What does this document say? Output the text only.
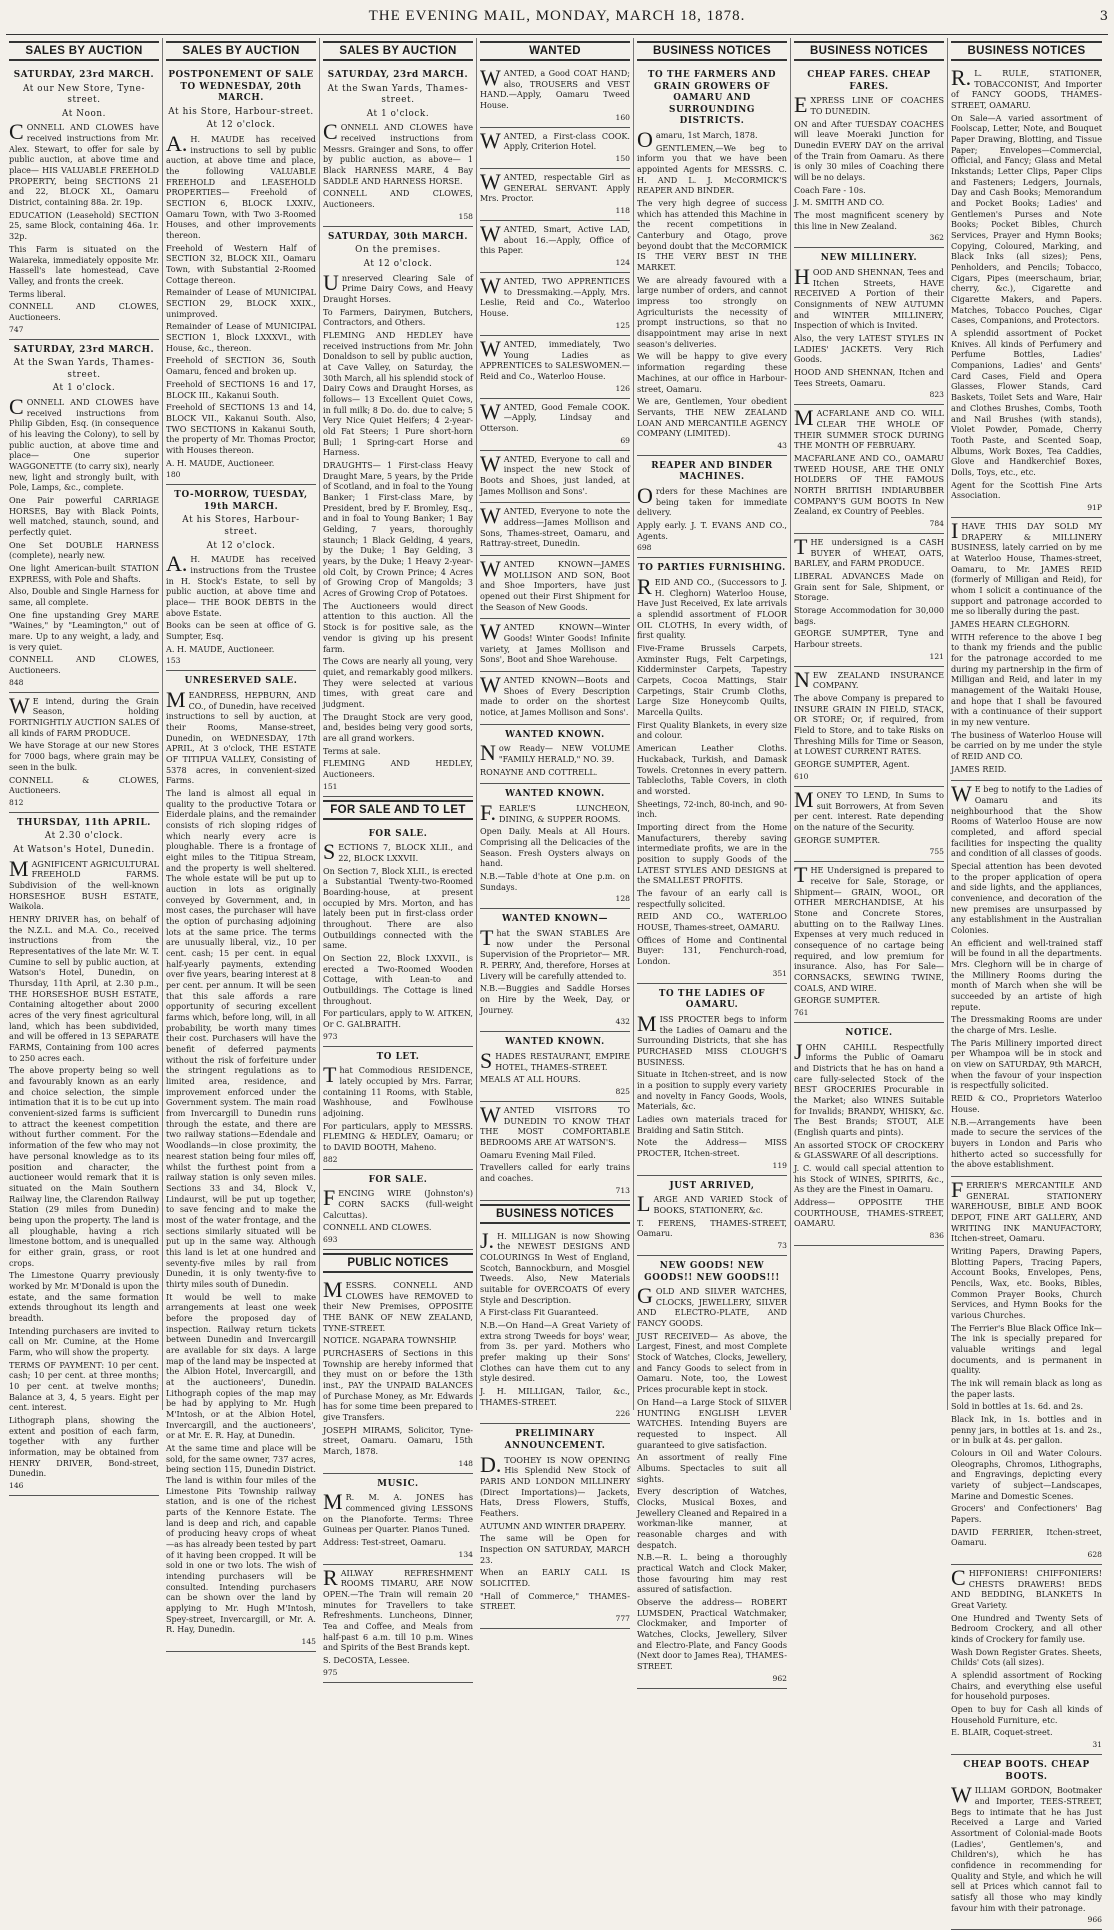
THE EVENING MAIL, MONDAY, MARCH 18, 1878.	3
SALES BY AUCTION
SATURDAY, 23rd MARCH.
At our New Store, Tyne-street.
At Noon.

CONNELL AND CLOWES have received instructions from Mr. Alex. Stewart, to offer for sale by public auction, at above time and place— HIS VALUABLE FREEHOLD PROPERTY, being SECTIONS 21 and 22, BLOCK XL, Oamaru District, containing 88a. 2r. 19p.

EDUCATION (Leasehold) SECTION 25, same Block, containing 46a. 1r. 32p.

This Farm is situated on the Waiareka, immediately opposite Mr. Hassell's late homestead, Cave Valley, and fronts the creek.

Terms liberal.

CONNELL AND CLOWES, Auctioneers.

747
SATURDAY, 23rd MARCH.
At the Swan Yards, Thames-street.
At 1 o'clock.

CONNELL AND CLOWES have received instructions from Philip Gibden, Esq. (in consequence of his leaving the Colony), to sell by public auction, at above time and place— One superior WAGGONETTE (to carry six), nearly new, light and strongly built, with Pole, Lamps, &c., complete.

One Pair powerful CARRIAGE HORSES, Bay with Black Points, well matched, staunch, sound, and perfectly quiet.

One Set DOUBLE HARNESS (complete), nearly new.

One light American-built STATION EXPRESS, with Pole and Shafts.

Also, Double and Single Harness for same, all complete.

One fine upstanding Grey MARE "Waines," by "Leamington," out of mare. Up to any weight, a lady, and is very quiet.

CONNELL AND CLOWES, Auctioneers.

848

WE intend, during the Grain Season, holding FORTNIGHTLY AUCTION SALES Of all kinds of FARM PRODUCE.

We have Storage at our new Stores for 7000 bags, where grain may be seen in the bulk.

CONNELL & CLOWES, Auctioneers.

812
THURSDAY, 11th APRIL.
At 2.30 o'clock.
At Watson's Hotel, Dunedin.

MAGNIFICENT AGRICULTURAL FREEHOLD FARMS. Subdivision of the well-known HORSESHOE BUSH ESTATE, Waikola.

HENRY DRIVER has, on behalf of the N.Z.L. and M.A. Co., received instructions from the Representatives of the late Mr. W. T. Cumine to sell by public auction, at Watson's Hotel, Dunedin, on Thursday, 11th April, at 2.30 p.m., THE HORSESHOE BUSH ESTATE, Containing altogether about 2000 acres of the very finest agricultural land, which has been subdivided, and will be offered in 13 SEPARATE FARMS, Containing from 100 acres to 250 acres each.

The above property being so well and favourably known as an early and choice selection, the simple intimation that it is to be cut up into convenient-sized farms is sufficient to attract the keenest competition without further comment. For the information of the few who may not have personal knowledge as to its position and character, the auctioneer would remark that it is situated on the Main Southern Railway line, the Clarendon Railway Station (29 miles from Dunedin) being upon the property. The land is all ploughable, having a rich limestone bottom, and is unequalled for either grain, grass, or root crops.

The Limestone Quarry previously worked by Mr. M'Donald is upon the estate, and the same formation extends throughout its length and breadth.

Intending purchasers are invited to call on Mr. Cumine, at the Home Farm, who will show the property.

TERMS OF PAYMENT: 10 per cent. cash; 10 per cent. at three months; 10 per cent. at twelve months; Balance at 3, 4, 5 years. Eight per cent. interest.

Lithograph plans, showing the extent and position of each farm, together with any further information, may be obtained from HENRY DRIVER, Bond-street, Dunedin.

146
SALES BY AUCTION
POSTPONEMENT OF SALE TO WEDNESDAY, 20th MARCH.
At his Store, Harbour-street.
At 12 o'clock.

A.H. MAUDE has received instructions to sell by public auction, at above time and place, the following VALUABLE FREEHOLD and LEASEHOLD PROPERTIES— Freehold of SECTION 6, BLOCK LXXIV., Oamaru Town, with Two 3-Roomed Houses, and other improvements thereon.

Freehold of Western Half of SECTION 32, BLOCK XII., Oamaru Town, with Substantial 2-Roomed Cottage thereon.

Remainder of Lease of MUNICIPAL SECTION 29, BLOCK XXIX., unimproved.

Remainder of Lease of MUNICIPAL SECTION 1, Block LXXXVI., with House, &c., thereon.

Freehold of SECTION 36, South Oamaru, fenced and broken up.

Freehold of SECTIONS 16 and 17, BLOCK III., Kakanui South.

Freehold of SECTIONS 13 and 14, BLOCK VII., Kakanui South. Also, TWO SECTIONS in Kakanui South, the property of Mr. Thomas Proctor, with Houses thereon.

A. H. MAUDE, Auctioneer.

180
TO-MORROW, TUESDAY, 19th MARCH.
At his Stores, Harbour-street.
At 12 o'clock.

A.H. MAUDE has received instructions from the Trustee in H. Stock's Estate, to sell by public auction, at above time and place— THE BOOK DEBTS in the above Estate.

Books can be seen at office of G. Sumpter, Esq.

A. H. MAUDE, Auctioneer.

153
UNRESERVED SALE.

MEANDRESS, HEPBURN, AND CO., of Dunedin, have received instructions to sell by auction, at their Rooms, Manse-street, Dunedin, on WEDNESDAY, 17th APRIL, At 3 o'clock, THE ESTATE OF TITIPUA VALLEY, Consisting of 5378 acres, in convenient-sized Farms.

The land is almost all equal in quality to the productive Totara or Eiderdale plains, and the remainder consists of rich sloping ridges of which nearly every acre is ploughable. There is a frontage of eight miles to the Titipua Stream, and the property is well sheltered. The whole estate will be put up to auction in lots as originally conveyed by Government, and, in most cases, the purchaser will have the option of purchasing adjoining lots at the same price. The terms are unusually liberal, viz., 10 per cent. cash; 15 per cent. in equal half-yearly payments, extending over five years, bearing interest at 8 per cent. per annum. It will be seen that this sale affords a rare opportunity of securing excellent farms which, before long, will, in all probability, be worth many times their cost. Purchasers will have the benefit of deferred payments without the risk of forfeiture under the stringent regulations as to limited area, residence, and improvement enforced under the Government system. The main road from Invercargill to Dunedin runs through the estate, and there are two railway stations—Edendale and Woodlands—in close proximity, the nearest station being four miles off, whilst the furthest point from a railway station is only seven miles. Sections 33 and 34, Block V., Lindaurst, will be put up together, to save fencing and to make the most of the water frontage, and the sections similarly situated will be put up in the same way. Although this land is let at one hundred and seventy-five miles by rail from Dunedin, it is only twenty-five to thirty miles south of Dunedin.

It would be well to make arrangements at least one week before the proposed day of inspection. Railway return tickets between Dunedin and Invercargill are available for six days. A large map of the land may be inspected at the Albion Hotel, Invercargill, and at the auctioneers', Dunedin. Lithograph copies of the map may be had by applying to Mr. Hugh M'Intosh, or at the Albion Hotel, Invercargill, and the auctioneers', or at Mr. E. R. Hay, at Dunedin.

At the same time and place will be sold, for the same owner, 737 acres, being section 115, Dunedin District. The land is within four miles of the Limestone Pits Township railway station, and is one of the richest parts of the Kennore Estate. The land is deep and rich, and capable of producing heavy crops of wheat—as has already been tested by part of it having been cropped. It will be sold in one or two lots. The wish of intending purchasers will be consulted. Intending purchasers can be shown over the land by applying to Mr. Hugh M'Intosh, Spey-street, Invercargill, or Mr. A. R. Hay, Dunedin.

145
SALES BY AUCTION
SATURDAY, 23rd MARCH.
At the Swan Yards, Thames-street.
At 1 o'clock.

CONNELL AND CLOWES have received instructions from Messrs. Grainger and Sons, to offer by public auction, as above— 1 Black HARNESS MARE, 4 Bay SADDLE AND HARNESS HORSE.

CONNELL AND CLOWES, Auctioneers.

158
SATURDAY, 30th MARCH.
On the premises.
At 12 o'clock.

Unreserved Clearing Sale of Prime Dairy Cows, and Heavy Draught Horses.

To Farmers, Dairymen, Butchers, Contractors, and Others.

FLEMING AND HEDLEY have received instructions from Mr. John Donaldson to sell by public auction, at Cave Valley, on Saturday, the 30th March, all his splendid stock of Dairy Cows and Draught Horses, as follows— 13 Excellent Quiet Cows, in full milk; 8 Do. do. due to calve; 5 Very Nice Quiet Heifers; 4 2-year-old Fat Steers; 1 Pure short-horn Bull; 1 Spring-cart Horse and Harness.

DRAUGHTS— 1 First-class Heavy Draught Mare, 5 years, by the Pride of Scotland, and in foal to the Young Banker; 1 First-class Mare, by President, bred by F. Bromley, Esq., and in foal to Young Banker; 1 Bay Gelding, 7 years, thoroughly staunch; 1 Black Gelding, 4 years, by the Duke; 1 Bay Gelding, 3 years, by the Duke; 1 Heavy 2-year-old Colt, by Crown Prince; 4 Acres of Growing Crop of Mangolds; 3 Acres of Growing Crop of Potatoes.

The Auctioneers would direct attention to this auction. All the Stock is for positive sale, as the vendor is giving up his present farm.

The Cows are nearly all young, very quiet, and remarkably good milkers. They were selected at various times, with great care and judgment.

The Draught Stock are very good, and, besides being very good sorts, are all grand workers.

Terms at sale.

FLEMING AND HEDLEY, Auctioneers.

151
FOR SALE AND TO LET
FOR SALE.

SECTIONS 7, BLOCK XLII., and 22, BLOCK LXXVII.

On Section 7, Block XLII., is erected a Substantial Twenty-two-Roomed Boarding-house, at present occupied by Mrs. Morton, and has lately been put in first-class order throughout. There are also Outbuildings connected with the same.

On Section 22, Block LXXVII., is erected a Two-Roomed Wooden Cottage, with Lean-to and Outbuildings. The Cottage is lined throughout.

For particulars, apply to W. AITKEN, Or C. GALBRAITH.

973
TO LET.

That Commodious RESIDENCE, lately occupied by Mrs. Farrar, containing 11 Rooms, with Stable, Washhouse, and Fowlhouse adjoining.

For particulars, apply to MESSRS. FLEMING & HEDLEY, Oamaru; or to DAVID BOOTH, Maheno.

882
FOR SALE.

FENCING WIRE (Johnston's) CORN SACKS (full-weight Calcuttas).

CONNELL AND CLOWES.

693
PUBLIC NOTICES

MESSRS. CONNELL AND CLOWES have REMOVED to their New Premises, OPPOSITE THE BANK OF NEW ZEALAND, TYNE-STREET.

NOTICE. NGAPARA TOWNSHIP.

PURCHASERS of Sections in this Township are hereby informed that they must on or before the 13th inst., PAY the UNPAID BALANCES of Purchase Money, as Mr. Edwards has for some time been prepared to give Transfers.

JOSEPH MIRAMS, Solicitor, Tyne-street, Oamaru. Oamaru, 15th March, 1878.

148
MUSIC.

MR. M. A. JONES has commenced giving LESSONS on the Pianoforte. Terms: Three Guineas per Quarter. Pianos Tuned.

Address: Test-street, Oamaru.

134

RAILWAY REFRESHMENT ROOMS TIMARU, ARE NOW OPEN.—The Train will remain 20 minutes for Travellers to take Refreshments. Luncheons, Dinner, Tea and Coffee, and Meals from half-past 6 a.m. till 10 p.m. Wines and Spirits of the Best Brands kept.

S. DeCOSTA, Lessee.

975
WANTED

WANTED, a Good COAT HAND; also, TROUSERS and VEST HAND.—Apply, Oamaru Tweed House.

160

WANTED, a First-class COOK. Apply, Criterion Hotel.

150

WANTED, respectable Girl as GENERAL SERVANT. Apply Mrs. Proctor.

118

WANTED, Smart, Active LAD, about 16.—Apply, Office of this Paper.

124

WANTED, TWO APPRENTICES to Dressmaking.—Apply, Mrs. Leslie, Reid and Co., Waterloo House.

125

WANTED, immediately, Two Young Ladies as APPRENTICES to SALESWOMEN.—Reid and Co., Waterloo House.

126

WANTED, Good Female COOK.—Apply, Lindsay and Otterson.

69

WANTED, Everyone to call and inspect the new Stock of Boots and Shoes, just landed, at James Mollison and Sons'.

WANTED, Everyone to note the address—James Mollison and Sons, Thames-street, Oamaru, and Rattray-street, Dunedin.

WANTED KNOWN—JAMES MOLLISON AND SON, Boot and Shoe Importers, have just opened out their First Shipment for the Season of New Goods.

WANTED KNOWN—Winter Goods! Winter Goods! Infinite variety, at James Mollison and Sons', Boot and Shoe Warehouse.

WANTED KNOWN—Boots and Shoes of Every Description made to order on the shortest notice, at James Mollison and Sons'.

WANTED KNOWN.

Now Ready— NEW VOLUME "FAMILY HERALD," NO. 39.

RONAYNE AND COTTRELL.

WANTED KNOWN.

F.EARLE'S LUNCHEON, DINING, & SUPPER ROOMS.

Open Daily. Meals at All Hours. Comprising all the Delicacies of the Season. Fresh Oysters always on hand.

N.B.—Table d'hote at One p.m. on Sundays.

128
WANTED KNOWN—

That the SWAN STABLES Are now under the Personal Supervision of the Proprietor— MR. R. PERRY, And, therefore, Horses at Livery will be carefully attended to.

N.B.—Buggies and Saddle Horses on Hire by the Week, Day, or Journey.

432
WANTED KNOWN.

SHADES RESTAURANT, EMPIRE HOTEL, THAMES-STREET.

MEALS AT ALL HOURS.

825

WANTED VISITORS TO DUNEDIN TO KNOW THAT THE MOST COMFORTABLE BEDROOMS ARE AT WATSON'S.

Oamaru Evening Mail Filed.

Travellers called for early trains and coaches.

713
BUSINESS NOTICES

J.H. MILLIGAN is now Showing the NEWEST DESIGNS AND COLOURINGS In West of England, Scotch, Bannockburn, and Mosgiel Tweeds. Also, New Materials suitable for OVERCOATS Of every Style and Description.

A First-class Fit Guaranteed.

N.B.—On Hand—A Great Variety of extra strong Tweeds for boys' wear, from 3s. per yard. Mothers who prefer making up their Sons' Clothes can have them cut to any style desired.

J. H. MILLIGAN, Tailor, &c., THAMES-STREET.

226
PRELIMINARY ANNOUNCEMENT.

D.TOOHEY IS NOW OPENING His Splendid New Stock of PARIS AND LONDON MILLINERY (Direct Importations)— Jackets, Hats, Dress Flowers, Stuffs, Feathers.

AUTUMN AND WINTER DRAPERY.

The same will be Open for Inspection ON SATURDAY, MARCH 23.

When an EARLY CALL IS SOLICITED.

"Hall of Commerce," THAMES-STREET.

777
BUSINESS NOTICES
TO THE FARMERS AND GRAIN GROWERS OF OAMARU AND SURROUNDING DISTRICTS.

Oamaru, 1st March, 1878.

GENTLEMEN,—We beg to inform you that we have been appointed Agents for MESSRS. C. H. AND L. J. McCORMICK'S REAPER AND BINDER.

The very high degree of success which has attended this Machine in the recent competitions in Canterbury and Otago, prove beyond doubt that the McCORMICK IS THE VERY BEST IN THE MARKET.

We are already favoured with a large number of orders, and cannot impress too strongly on Agriculturists the necessity of prompt instructions, so that no disappointment may arise in next season's deliveries.

We will be happy to give every information regarding these Machines, at our office in Harbour-street, Oamaru.

We are, Gentlemen, Your obedient Servants, THE NEW ZEALAND LOAN AND MERCANTILE AGENCY COMPANY (LIMITED).

43
REAPER AND BINDER MACHINES.

Orders for these Machines are being taken for immediate delivery.

Apply early. J. T. EVANS AND CO., Agents.

698
TO PARTIES FURNISHING.

REID AND CO., (Successors to J. H. Cleghorn) Waterloo House, Have Just Received, Ex late arrivals a splendid assortment of FLOOR OIL CLOTHS, In every width, of first quality.

Five-Frame Brussels Carpets, Axminster Rugs, Felt Carpetings, Kidderminster Carpets, Tapestry Carpets, Cocoa Mattings, Stair Carpetings, Stair Crumb Cloths, Large Size Honeycomb Quilts, Marcella Quilts.

First Quality Blankets, in every size and colour.

American Leather Cloths. Huckaback, Turkish, and Damask Towels. Cretonnes in every pattern. Tablecloths, Table Covers, in cloth and worsted.

Sheetings, 72-inch, 80-inch, and 90-inch.

Importing direct from the Home Manufacturers, thereby saving intermediate profits, we are in the position to supply Goods of the LATEST STYLES AND DESIGNS at the SMALLEST PROFITS.

The favour of an early call is respectfully solicited.

REID AND CO., WATERLOO HOUSE, Thames-street, OAMARU.

Offices of Home and Continental Buyer: 131, Fenchurch-road, London.

351
TO THE LADIES OF OAMARU.

MISS PROCTER begs to inform the Ladies of Oamaru and the Surrounding Districts, that she has PURCHASED MISS CLOUGH'S BUSINESS.

Situate in Itchen-street, and is now in a position to supply every variety and novelty in Fancy Goods, Wools, Materials, &c.

Ladies own materials traced for Braiding and Satin Stitch.

Note the Address— MISS PROCTER, Itchen-street.

119
JUST ARRIVED,

LARGE AND VARIED Stock of BOOKS, STATIONERY, &c.

T. FERENS, THAMES-STREET, Oamaru.

73
NEW GOODS! NEW GOODS!! NEW GOODS!!!

GOLD AND SILVER WATCHES, CLOCKS, JEWELLERY, SILVER AND ELECTRO-PLATE, AND FANCY GOODS.

JUST RECEIVED— As above, the Largest, Finest, and most Complete Stock of Watches, Clocks, Jewellery, and Fancy Goods to select from in Oamaru. Note, too, the Lowest Prices procurable kept in stock.

On Hand—a Large Stock of SILVER HUNTING ENGLISH LEVER WATCHES. Intending Buyers are requested to inspect. All guaranteed to give satisfaction.

An assortment of really Fine Albums. Spectacles to suit all sights.

Every description of Watches, Clocks, Musical Boxes, and Jewellery Cleaned and Repaired in a workman-like manner, at reasonable charges and with despatch.

N.B.—R. L. being a thoroughly practical Watch and Clock Maker, those favouring him may rest assured of satisfaction.

Observe the address— ROBERT LUMSDEN, Practical Watchmaker, Clockmaker, and Importer of Watches, Clocks, Jewellery, Silver and Electro-Plate, and Fancy Goods (Next door to James Rea), THAMES-STREET.

962
BUSINESS NOTICES
CHEAP FARES. CHEAP FARES.

EXPRESS LINE OF COACHES TO DUNEDIN.

ON and After TUESDAY COACHES will leave Moeraki Junction for Dunedin EVERY DAY on the arrival of the Train from Oamaru. As there is only 30 miles of Coaching there will be no delays.

Coach Fare - 10s.

J. M. SMITH AND CO.

The most magnificent scenery by this line in New Zealand.

362
NEW MILLINERY.

HOOD AND SHENNAN, Tees and Itchen Streets, HAVE RECEIVED A Portion of their Consignments of NEW AUTUMN and WINTER MILLINERY, Inspection of which is Invited.

Also, the very LATEST STYLES IN LADIES' JACKETS. Very Rich Goods.

HOOD AND SHENNAN, Itchen and Tees Streets, Oamaru.

823

MACFARLANE AND CO. WILL CLEAR THE WHOLE OF THEIR SUMMER STOCK DURING THE MONTH OF FEBRUARY.

MACFARLANE AND CO., OAMARU TWEED HOUSE, ARE THE ONLY HOLDERS OF THE FAMOUS NORTH BRITISH INDIARUBBER COMPANY'S GUM BOOTS In New Zealand, ex Country of Peebles.

784

THE undersigned is a CASH BUYER of WHEAT, OATS, BARLEY, and FARM PRODUCE.

LIBERAL ADVANCES Made on Grain sent for Sale, Shipment, or Storage.

Storage Accommodation for 30,000 bags.

GEORGE SUMPTER, Tyne and Harbour streets.

121

NEW ZEALAND INSURANCE COMPANY.

The above Company is prepared to INSURE GRAIN IN FIELD, STACK, OR STORE; Or, if required, from Field to Store, and to take Risks on Threshing Mills for Time or Season, at LOWEST CURRENT RATES.

GEORGE SUMPTER, Agent.

610

MONEY TO LEND, In Sums to suit Borrowers, At from Seven per cent. interest. Rate depending on the nature of the Security.

GEORGE SUMPTER.

755

THE Undersigned is prepared to receive for Sale, Storage, or Shipment— GRAIN, WOOL, OR OTHER MERCHANDISE, At his Stone and Concrete Stores, abutting on to the Railway Lines. Expenses at very much reduced in consequence of no cartage being required, and low premium for insurance. Also, has For Sale— CORNSACKS, SEWING TWINE, COALS, AND WIRE.

GEORGE SUMPTER.

761
NOTICE.

JOHN CAHILL Respectfully informs the Public of Oamaru and Districts that he has on hand a care fully-selected Stock of the BEST GROCERIES Procurable in the Market; also WINES Suitable for Invalids; BRANDY, WHISKY, &c. The Best Brands; STOUT, ALE (English quarts and pints).

An assorted STOCK OF CROCKERY & GLASSWARE Of all descriptions.

J. C. would call special attention to his Stock of WINES, SPIRITS, &c., As they are the Finest in Oamaru.

Address— OPPOSITE THE COURTHOUSE, THAMES-STREET, OAMARU.

836
BUSINESS NOTICES

R.L. RULE, STATIONER, TOBACCONIST, And Importer of FANCY GOODS, THAMES-STREET, OAMARU.

On Sale—A varied assortment of Foolscap, Letter, Note, and Bouquet Paper Drawing, Blotting, and Tissue Paper; Envelopes—Commercial, Official, and Fancy; Glass and Metal Inkstands; Letter Clips, Paper Clips and Fasteners; Ledgers, Journals, Day and Cash Books; Memorandum and Pocket Books; Ladies' and Gentlemen's Purses and Note Books; Pocket Bibles, Church Services, Prayer and Hymn Books; Copying, Coloured, Marking, and Black Inks (all sizes); Pens, Penholders, and Pencils; Tobacco, Cigars, Pipes (meerschaum, briar, cherry, &c.), Cigarette and Cigarette Makers, and Papers. Matches, Tobacco Pouches, Cigar Cases, Companions, and Protectors.

A splendid assortment of Pocket Knives. All kinds of Perfumery and Perfume Bottles, Ladies' Companions, Ladies' and Gents' Card Cases, Field and Opera Glasses, Flower Stands, Card Baskets, Toilet Sets and Ware, Hair and Clothes Brushes, Combs, Tooth and Nail Brushes (with stands), Violet Powder, Pomade, Cherry Tooth Paste, and Scented Soap, Albums, Work Boxes, Tea Caddies, Glove and Handkerchief Boxes, Dolls, Toys, etc., etc.

Agent for the Scottish Fine Arts Association.

91P

IHAVE THIS DAY SOLD MY DRAPERY & MILLINERY BUSINESS, lately carried on by me at Waterloo House, Thames-street, Oamaru, to Mr. JAMES REID (formerly of Milligan and Reid), for whom I solicit a continuance of the support and patronage accorded to me so liberally during the past.

JAMES HEARN CLEGHORN.

WITH reference to the above I beg to thank my friends and the public for the patronage accorded to me during my partnership in the firm of Milligan and Reid, and later in my management of the Waitaki House, and hope that I shall be favoured with a continuance of their support in my new venture.

The business of Waterloo House will be carried on by me under the style of REID AND CO.

JAMES REID.

WE beg to notify to the Ladies of Oamaru and its neighbourhood that the Show Rooms of Waterloo House are now completed, and afford special facilities for inspecting the quality and condition of all classes of goods.

Special attention has been devoted to the proper application of opera and side lights, and the appliances, convenience, and decoration of the new premises are unsurpassed by any establishment in the Australian Colonies.

An efficient and well-trained staff will be found in all the departments. Mrs. Cleghorn will be in charge of the Millinery Rooms during the month of March when she will be succeeded by an artiste of high repute.

The Dressmaking Rooms are under the charge of Mrs. Leslie.

The Paris Millinery imported direct per Whampoa will be in stock and on view on SATURDAY, 9th MARCH, when the favour of your inspection is respectfully solicited.

REID & CO., Proprietors Waterloo House.

N.B.—Arrangements have been made to secure the services of the buyers in London and Paris who hitherto acted so successfully for the above establishment.

FERRIER'S MERCANTILE AND GENERAL STATIONERY WAREHOUSE, BIBLE AND BOOK DEPOT, FINE ART GALLERY, AND WRITING INK MANUFACTORY, Itchen-street, Oamaru.

Writing Papers, Drawing Papers, Blotting Papers, Tracing Papers, Account Books, Envelopes, Pens, Pencils, Wax, etc. Books, Bibles, Common Prayer Books, Church Services, and Hymn Books for the various Churches.

The Ferrier's Blue Black Office Ink—The ink is specially prepared for valuable writings and legal documents, and is permanent in quality.

The ink will remain black as long as the paper lasts.

Sold in bottles at 1s. 6d. and 2s.

Black Ink, in 1s. bottles and in penny jars, in bottles at 1s. and 2s., or in bulk at 4s. per gallon.

Colours in Oil and Water Colours. Oleographs, Chromos, Lithographs, and Engravings, depicting every variety of subject—Landscapes, Marine and Domestic Scenes.

Grocers' and Confectioners' Bag Papers.

DAVID FERRIER, Itchen-street, Oamaru.

628

CHIFFONIERS! CHIFFONIERS! CHESTS DRAWERS! BEDS AND BEDDING, BLANKETS In Great Variety.

One Hundred and Twenty Sets of Bedroom Crockery, and all other kinds of Crockery for family use.

Wash Down Register Grates. Sheets, Childs' Cots (all sizes).

A splendid assortment of Rocking Chairs, and everything else useful for household purposes.

Open to buy for Cash all kinds of Household Furniture, etc.

E. BLAIR, Coquet-street.

31
CHEAP BOOTS. CHEAP BOOTS.

WILLIAM GORDON, Bootmaker and Importer, TEES-STREET, Begs to intimate that he has Just Received a Large and Varied Assortment of Colonial-made Boots (Ladies', Gentlemen's, and Children's), which he has confidence in recommending for Quality and Style, and which he will sell at Prices which cannot fail to satisfy all those who may kindly favour him with their patronage.

966
